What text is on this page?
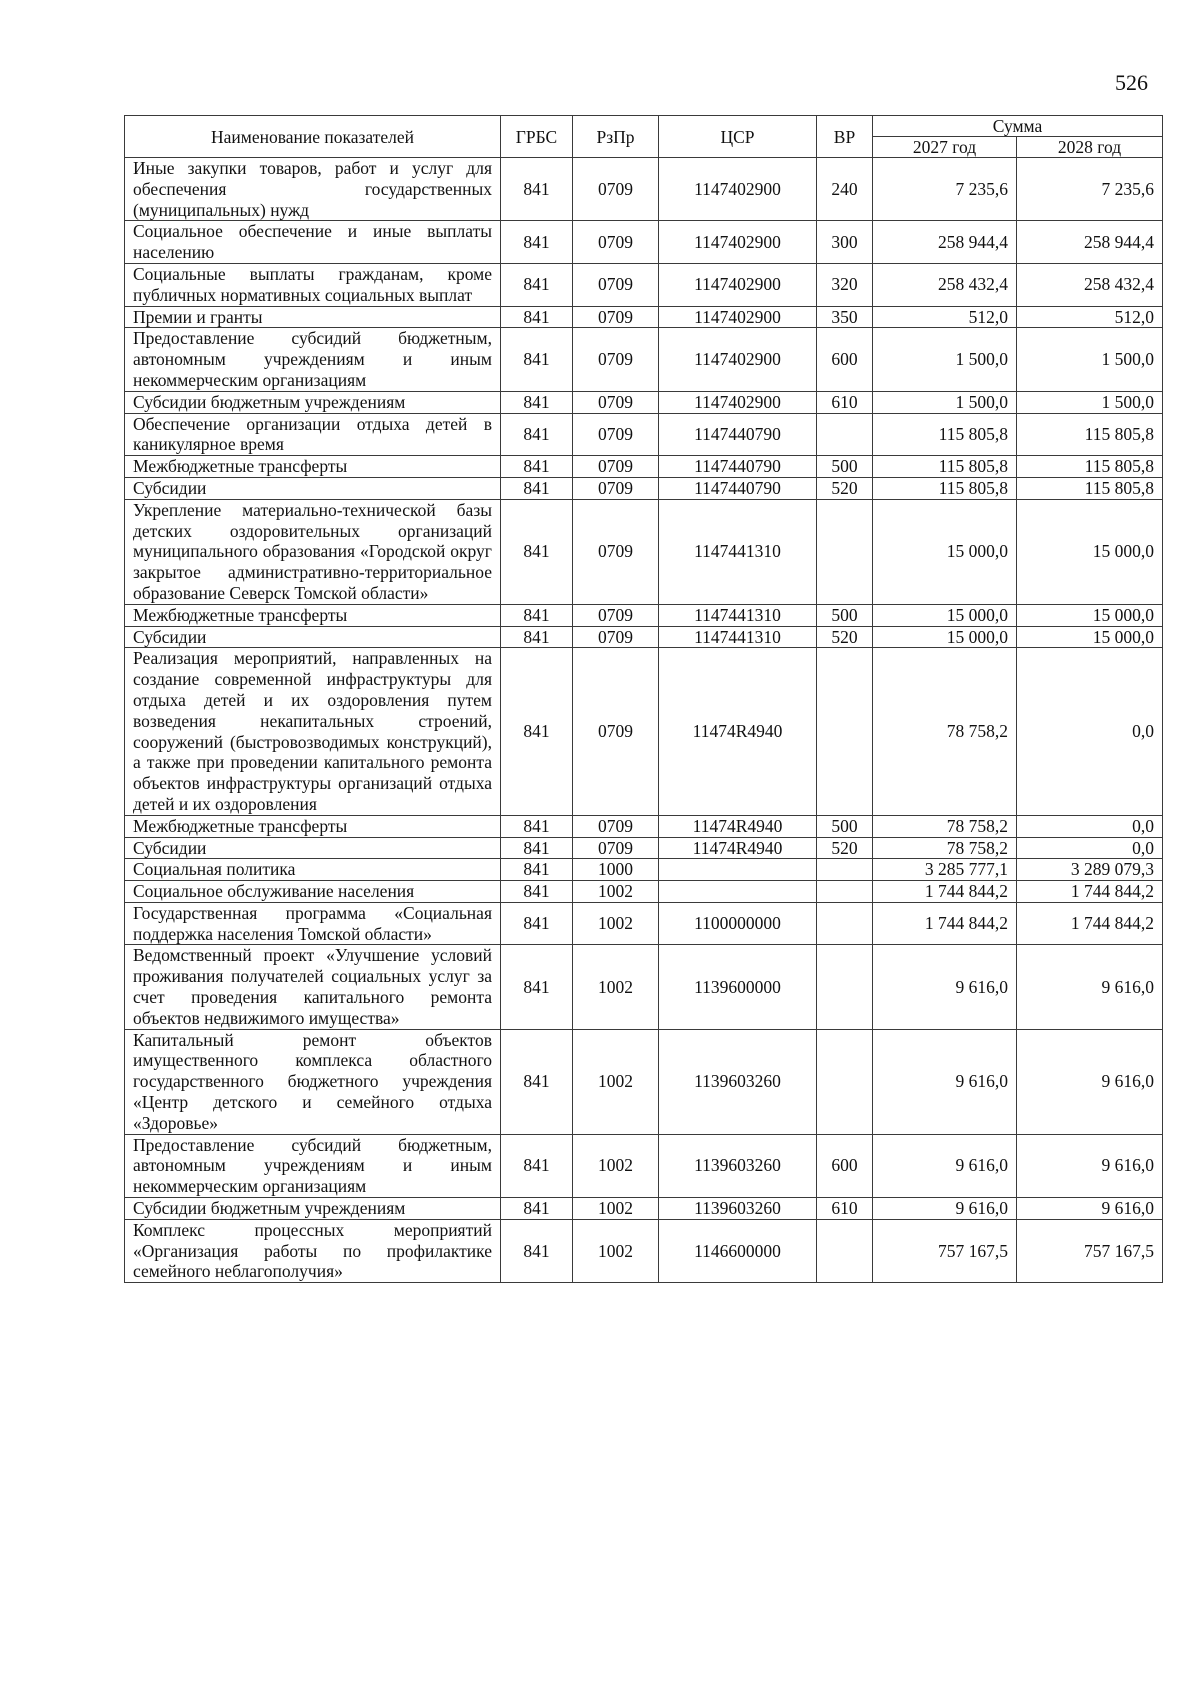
526
Наименование показателей	ГРБС	РзПр	ЦСР	ВР	Сумма	
					2027 год	2028 год
Иные закупки товаров, работ и услуг для обеспечения государственных (муниципальных) нужд	841	0709	1147402900	240	7 235,6	7 235,6
Социальное обеспечение и иные выплаты населению	841	0709	1147402900	300	258 944,4	258 944,4
Социальные выплаты гражданам, кроме публичных нормативных социальных выплат	841	0709	1147402900	320	258 432,4	258 432,4
Премии и гранты	841	0709	1147402900	350	512,0	512,0
Предоставление субсидий бюджетным, автономным учреждениям и иным некоммерческим организациям	841	0709	1147402900	600	1 500,0	1 500,0
Субсидии бюджетным учреждениям	841	0709	1147402900	610	1 500,0	1 500,0
Обеспечение организации отдыха детей в каникулярное время	841	0709	1147440790		115 805,8	115 805,8
Межбюджетные трансферты	841	0709	1147440790	500	115 805,8	115 805,8
Субсидии	841	0709	1147440790	520	115 805,8	115 805,8
Укрепление материально-технической базы детских оздоровительных организаций муниципального образования «Городской округ закрытое административно-территориальное образование Северск Томской области»	841	0709	1147441310		15 000,0	15 000,0
Межбюджетные трансферты	841	0709	1147441310	500	15 000,0	15 000,0
Субсидии	841	0709	1147441310	520	15 000,0	15 000,0
Реализация мероприятий, направленных на создание современной инфраструктуры для отдыха детей и их оздоровления путем возведения некапитальных строений, сооружений (быстровозводимых конструкций), а также при проведении капитального ремонта объектов инфраструктуры организаций отдыха детей и их оздоровления	841	0709	11474R4940		78 758,2	0,0
Межбюджетные трансферты	841	0709	11474R4940	500	78 758,2	0,0
Субсидии	841	0709	11474R4940	520	78 758,2	0,0
Социальная политика	841	1000			3 285 777,1	3 289 079,3
Социальное обслуживание населения	841	1002			1 744 844,2	1 744 844,2
Государственная программа «Социальная поддержка населения Томской области»	841	1002	1100000000		1 744 844,2	1 744 844,2
Ведомственный проект «Улучшение условий проживания получателей социальных услуг за счет проведения капитального ремонта объектов недвижимого имущества»	841	1002	1139600000		9 616,0	9 616,0
Капитальный ремонт объектов имущественного комплекса областного государственного бюджетного учреждения «Центр детского и семейного отдыха «Здоровье»	841	1002	1139603260		9 616,0	9 616,0
Предоставление субсидий бюджетным, автономным учреждениям и иным некоммерческим организациям	841	1002	1139603260	600	9 616,0	9 616,0
Субсидии бюджетным учреждениям	841	1002	1139603260	610	9 616,0	9 616,0
Комплекс процессных мероприятий «Организация работы по профилактике семейного неблагополучия»	841	1002	1146600000		757 167,5	757 167,5
